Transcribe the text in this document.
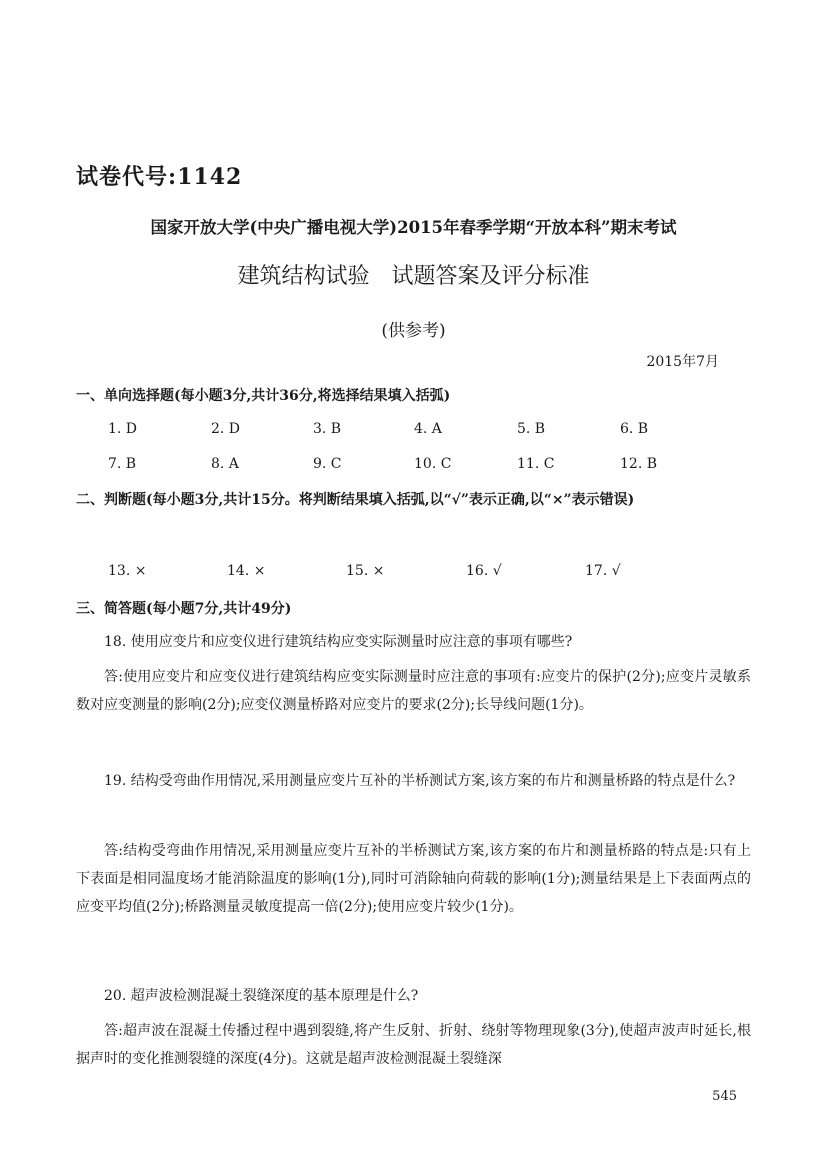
试卷代号:1142
国家开放大学(中央广播电视大学)2015年春季学期“开放本科”期末考试
建筑结构试验　试题答案及评分标准
(供参考)
2015年7月
一、单向选择题(每小题3分,共计36分,将选择结果填入括弧)
1. D	2. D	3. B	4. A	5. B	6. B
7. B	8. A	9. C	10. C	11. C	12. B
二、判断题(每小题3分,共计15分。将判断结果填入括弧,以“√”表示正确,以“×”表示错误)
13. ×	14. ×	15. ×	16. √	17. √
三、简答题(每小题7分,共计49分)
18. 使用应变片和应变仪进行建筑结构应变实际测量时应注意的事项有哪些?
答:使用应变片和应变仪进行建筑结构应变实际测量时应注意的事项有:应变片的保护(2分);应变片灵敏系数对应变测量的影响(2分);应变仪测量桥路对应变片的要求(2分);长导线问题(1分)。
19. 结构受弯曲作用情况,采用测量应变片互补的半桥测试方案,该方案的布片和测量桥路的特点是什么?
答:结构受弯曲作用情况,采用测量应变片互补的半桥测试方案,该方案的布片和测量桥路的特点是:只有上下表面是相同温度场才能消除温度的影响(1分),同时可消除轴向荷载的影响(1分);测量结果是上下表面两点的应变平均值(2分);桥路测量灵敏度提高一倍(2分);使用应变片较少(1分)。
20. 超声波检测混凝土裂缝深度的基本原理是什么?
答:超声波在混凝土传播过程中遇到裂缝,将产生反射、折射、绕射等物理现象(3分),使超声波声时延长,根据声时的变化推测裂缝的深度(4分)。这就是超声波检测混凝土裂缝深
545
